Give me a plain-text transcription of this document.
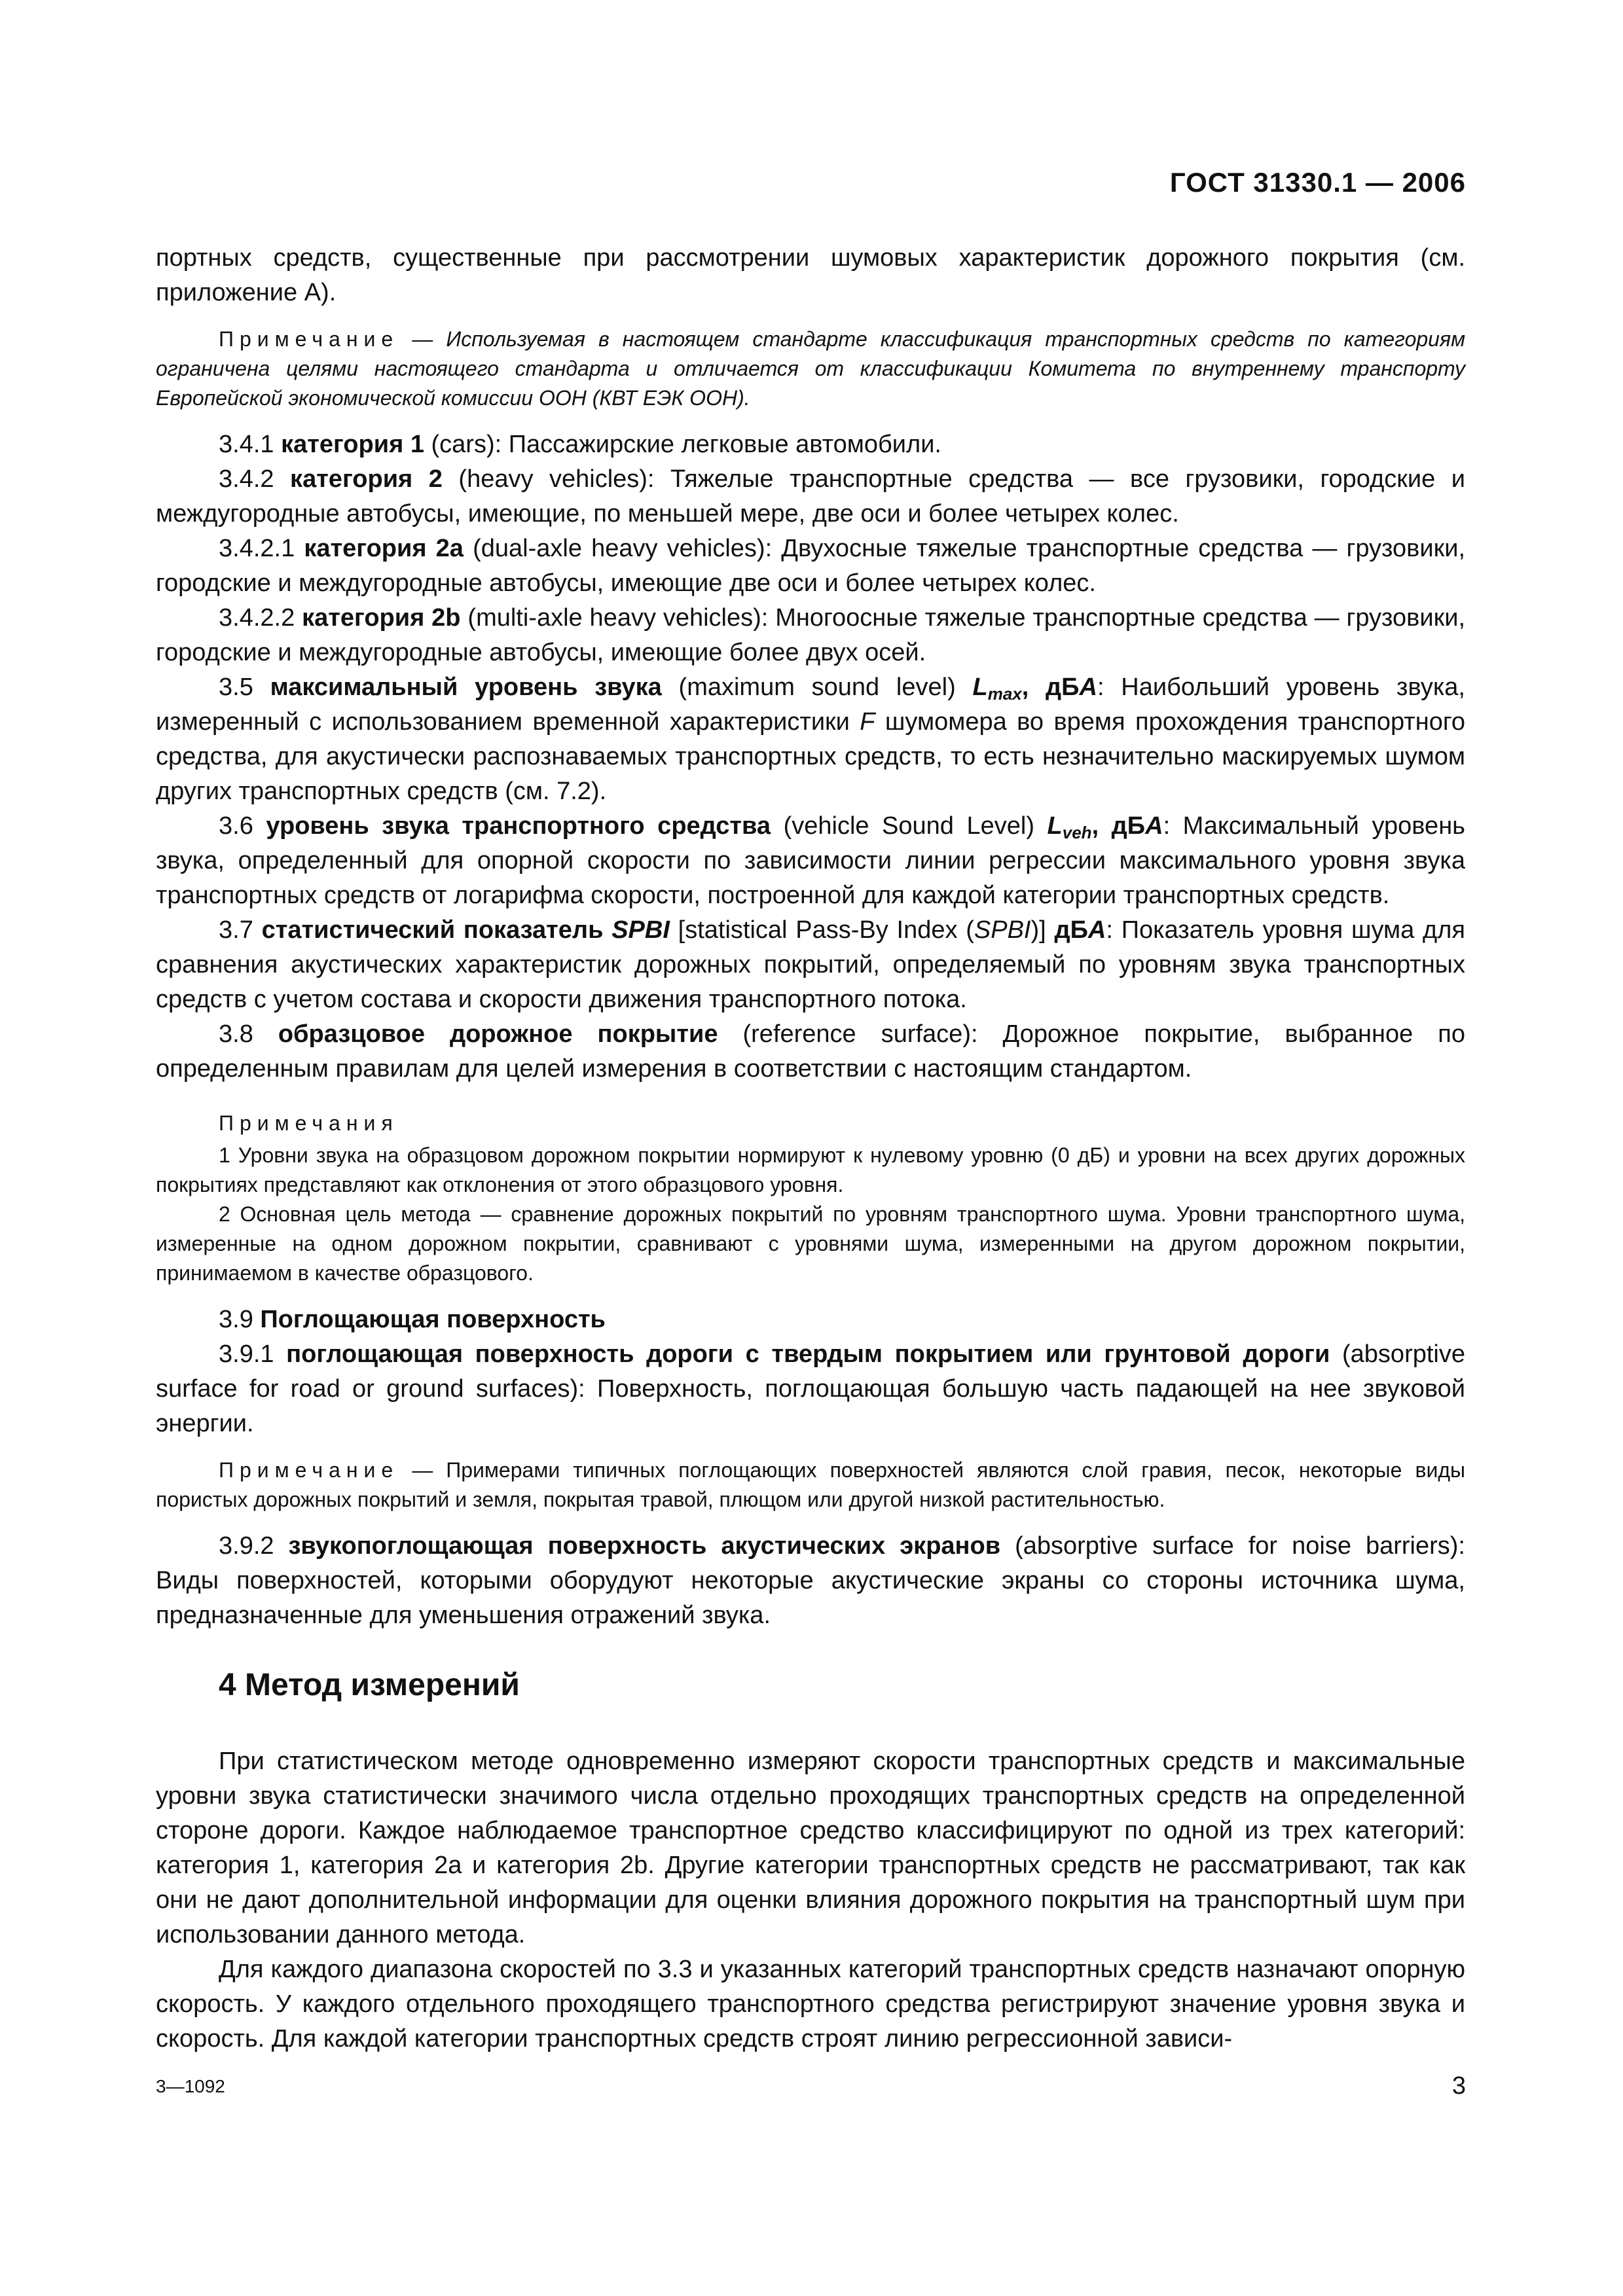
ГОСТ 31330.1 — 2006

портных средств, существенные при рассмотрении шумовых характеристик дорожного покрытия (см. приложение А).

Примечание — Используемая в настоящем стандарте классификация транспортных средств по категориям ограничена целями настоящего стандарта и отличается от классификации Комитета по внутреннему транспорту Европейской экономической комиссии ООН (КВТ ЕЭК ООН).

3.4.1 категория 1 (cars): Пассажирские легковые автомобили.

3.4.2 категория 2 (heavy vehicles): Тяжелые транспортные средства — все грузовики, городские и междугородные автобусы, имеющие, по меньшей мере, две оси и более четырех колес.

3.4.2.1 категория 2a (dual-axle heavy vehicles): Двухосные тяжелые транспортные средства — грузовики, городские и междугородные автобусы, имеющие две оси и более четырех колес.

3.4.2.2 категория 2b (multi-axle heavy vehicles): Многоосные тяжелые транспортные средства — грузовики, городские и междугородные автобусы, имеющие более двух осей.

3.5 максимальный уровень звука (maximum sound level) $L_{max}$, дБА: Наибольший уровень звука, измеренный с использованием временной характеристики F шумомера во время прохождения транспортного средства, для акустически распознаваемых транспортных средств, то есть незначительно маскируемых шумом других транспортных средств (см. 7.2).

3.6 уровень звука транспортного средства (vehicle Sound Level) $L_{veh}$, дБА: Максимальный уровень звука, определенный для опорной скорости по зависимости линии регрессии максимального уровня звука транспортных средств от логарифма скорости, построенной для каждой категории транспортных средств.

3.7 статистический показатель SPBI [statistical Pass-By Index (SPBI)] дБА: Показатель уровня шума для сравнения акустических характеристик дорожных покрытий, определяемый по уровням звука транспортных средств с учетом состава и скорости движения транспортного потока.

3.8 образцовое дорожное покрытие (reference surface): Дорожное покрытие, выбранное по определенным правилам для целей измерения в соответствии с настоящим стандартом.

Примечания

1 Уровни звука на образцовом дорожном покрытии нормируют к нулевому уровню (0 дБ) и уровни на всех других дорожных покрытиях представляют как отклонения от этого образцового уровня.

2 Основная цель метода — сравнение дорожных покрытий по уровням транспортного шума. Уровни транспортного шума, измеренные на одном дорожном покрытии, сравнивают с уровнями шума, измеренными на другом дорожном покрытии, принимаемом в качестве образцового.

3.9 Поглощающая поверхность

3.9.1 поглощающая поверхность дороги с твердым покрытием или грунтовой дороги (absorptive surface for road or ground surfaces): Поверхность, поглощающая большую часть падающей на нее звуковой энергии.

Примечание — Примерами типичных поглощающих поверхностей являются слой гравия, песок, некоторые виды пористых дорожных покрытий и земля, покрытая травой, плющом или другой низкой растительностью.

3.9.2 звукопоглощающая поверхность акустических экранов (absorptive surface for noise barriers): Виды поверхностей, которыми оборудуют некоторые акустические экраны со стороны источника шума, предназначенные для уменьшения отражений звука.

4 Метод измерений

При статистическом методе одновременно измеряют скорости транспортных средств и максимальные уровни звука статистически значимого числа отдельно проходящих транспортных средств на определенной стороне дороги. Каждое наблюдаемое транспортное средство классифицируют по одной из трех категорий: категория 1, категория 2а и категория 2b. Другие категории транспортных средств не рассматривают, так как они не дают дополнительной информации для оценки влияния дорожного покрытия на транспортный шум при использовании данного метода.

Для каждого диапазона скоростей по 3.3 и указанных категорий транспортных средств назначают опорную скорость. У каждого отдельного проходящего транспортного средства регистрируют значение уровня звука и скорость. Для каждой категории транспортных средств строят линию регрессионной зависи-

3—1092	3
